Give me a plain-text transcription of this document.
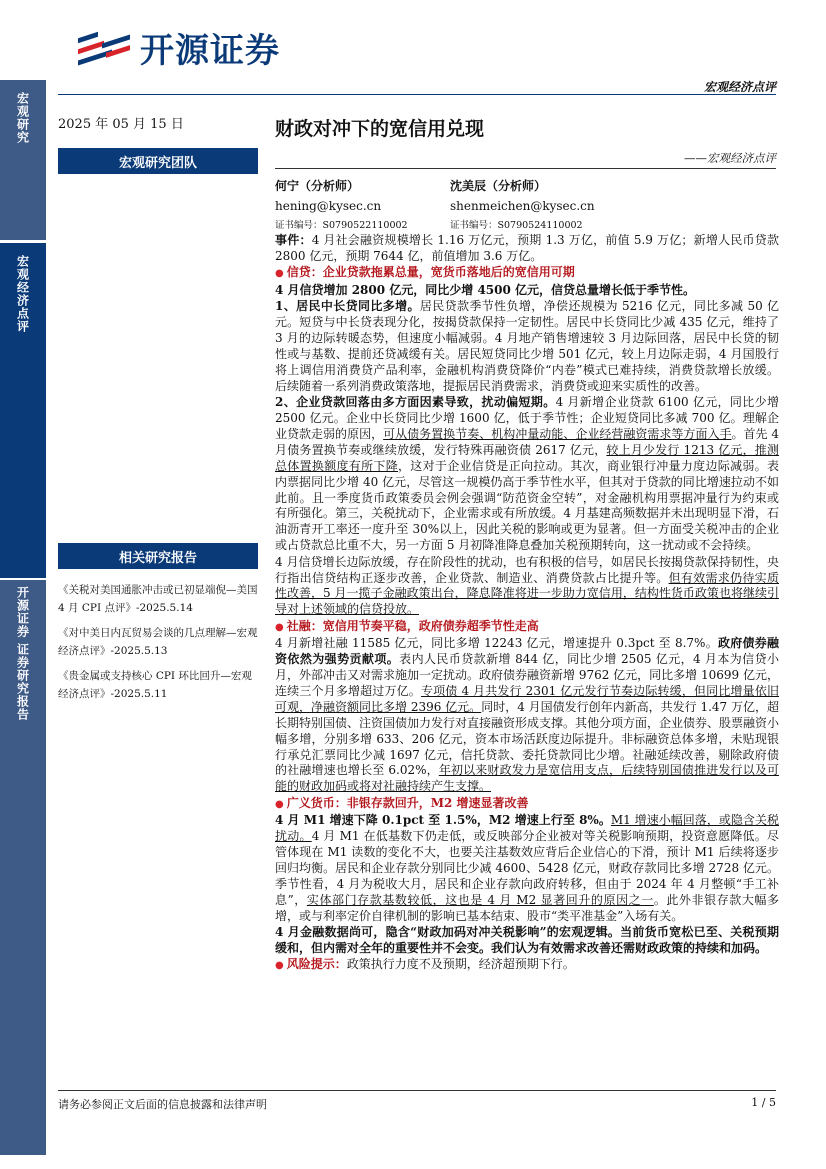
开源证券
宏观经济点评
宏观研究
宏观经济点评
开源证券 证券研究报告
2025 年 05 月 15 日
宏观研究团队
相关研究报告

《关税对美国通胀冲击或已初显端倪—美国 4 月 CPI 点评》-2025.5.14

《对中美日内瓦贸易会谈的几点理解—宏观经济点评》-2025.5.13

《贵金属或支持核心 CPI 环比回升—宏观经济点评》-2025.5.11

财政对冲下的宽信用兑现
——宏观经济点评
何宁（分析师）
hening@kysec.cn
证书编号：S0790522110002
沈美辰（分析师）
shenmeichen@kysec.cn
证书编号：S0790524110002

事件：4 月社会融资规模增长 1.16 万亿元，预期 1.3 万亿，前值 5.9 万亿；新增人民币贷款 2800 亿元，预期 7644 亿，前值增加 3.6 万亿。

● 信贷：企业贷款拖累总量，宽货币落地后的宽信用可期

4 月信贷增加 2800 亿元，同比少增 4500 亿元，信贷总量增长低于季节性。

1、居民中长贷同比多增。居民贷款季节性负增，净偿还规模为 5216 亿元，同比多减 50 亿元。短贷与中长贷表现分化，按揭贷款保持一定韧性。居民中长贷同比少减 435 亿元，维持了 3 月的边际转暖态势，但速度小幅减弱。4 月地产销售增速较 3 月边际回落，居民中长贷的韧性或与基数、提前还贷减缓有关。居民短贷同比少增 501 亿元，较上月边际走弱，4 月国股行将上调信用消费贷产品利率，金融机构消费贷降价“内卷”模式已难持续，消费贷款增长放缓。后续随着一系列消费政策落地，提振居民消费需求，消费贷或迎来实质性的改善。

2、企业贷款回落由多方面因素导致，扰动偏短期。4 月新增企业贷款 6100 亿元，同比少增 2500 亿元。企业中长贷同比少增 1600 亿，低于季节性；企业短贷同比多减 700 亿。理解企业贷款走弱的原因，可从债务置换节奏、机构冲量动能、企业经营融资需求等方面入手。首先 4 月债务置换节奏或继续放缓，发行特殊再融资债 2617 亿元，较上月少发行 1213 亿元，推测总体置换额度有所下降，这对于企业信贷是正向拉动。其次，商业银行冲量力度边际减弱。表内票据同比少增 40 亿元，尽管这一规模仍高于季节性水平，但其对于贷款的同比增速拉动不如此前。且一季度货币政策委员会例会强调“防范资金空转”，对金融机构用票据冲量行为约束或有所强化。第三，关税扰动下，企业需求或有所放缓。4 月基建高频数据并未出现明显下滑，石油沥青开工率还一度升至 30%以上，因此关税的影响或更为显著。但一方面受关税冲击的企业或占贷款总比重不大，另一方面 5 月初降准降息叠加关税预期转向，这一扰动或不会持续。

4 月信贷增长边际放缓，存在阶段性的扰动，也有积极的信号，如居民长按揭贷款保持韧性，央行指出信贷结构正逐步改善，企业贷款、制造业、消费贷款占比提升等。但有效需求仍待实质性改善，5 月一揽子金融政策出台，降息降准将进一步助力宽信用，结构性货币政策也将继续引导对上述领域的信贷投放。

● 社融：宽信用节奏平稳，政府债券超季节性走高

4 月新增社融 11585 亿元，同比多增 12243 亿元，增速提升 0.3pct 至 8.7%。政府债券融资依然为强势贡献项。表内人民币贷款新增 844 亿，同比少增 2505 亿元，4 月本为信贷小月，外部冲击又对需求施加一定扰动。政府债券融资新增 9762 亿元，同比多增 10699 亿元，连续三个月多增超过万亿。专项债 4 月共发行 2301 亿元发行节奏边际转缓，但同比增量依旧可观，净融资额同比多增 2396 亿元。同时，4 月国债发行创年内新高，共发行 1.47 万亿，超长期特别国债、注资国债加力发行对直接融资形成支撑。其他分项方面，企业债券、股票融资小幅多增，分别多增 633、206 亿元，资本市场活跃度边际提升。非标融资总体多增，未贴现银行承兑汇票同比少减 1697 亿元，信托贷款、委托贷款同比少增。社融延续改善，剔除政府债的社融增速也增长至 6.02%，年初以来财政发力是宽信用支点，后续特别国债推进发行以及可能的财政加码或将对社融持续产生支撑。

● 广义货币：非银存款回升，M2 增速显著改善

4 月 M1 增速下降 0.1pct 至 1.5%，M2 增速上行至 8%。M1 增速小幅回落，或隐含关税扰动。4 月 M1 在低基数下仍走低，或反映部分企业被对等关税影响预期，投资意愿降低。尽管体现在 M1 读数的变化不大，也要关注基数效应背后企业信心的下滑，预计 M1 后续将逐步回归均衡。居民和企业存款分别同比少减 4600、5428 亿元，财政存款同比多增 2728 亿元。季节性看，4 月为税收大月，居民和企业存款向政府转移，但由于 2024 年 4 月整顿“手工补息”，实体部门存款基数较低，这也是 4 月 M2 显著回升的原因之一。此外非银存款大幅多增，或与利率定价自律机制的影响已基本结束、股市“类平准基金”入场有关。

4 月金融数据尚可，隐含“财政加码对冲关税影响”的宏观逻辑。当前货币宽松已至、关税预期缓和，但内需对全年的重要性并不会变。我们认为有效需求改善还需财政政策的持续和加码。

● 风险提示：政策执行力度不及预期，经济超预期下行。

请务必参阅正文后面的信息披露和法律声明	1 / 5
